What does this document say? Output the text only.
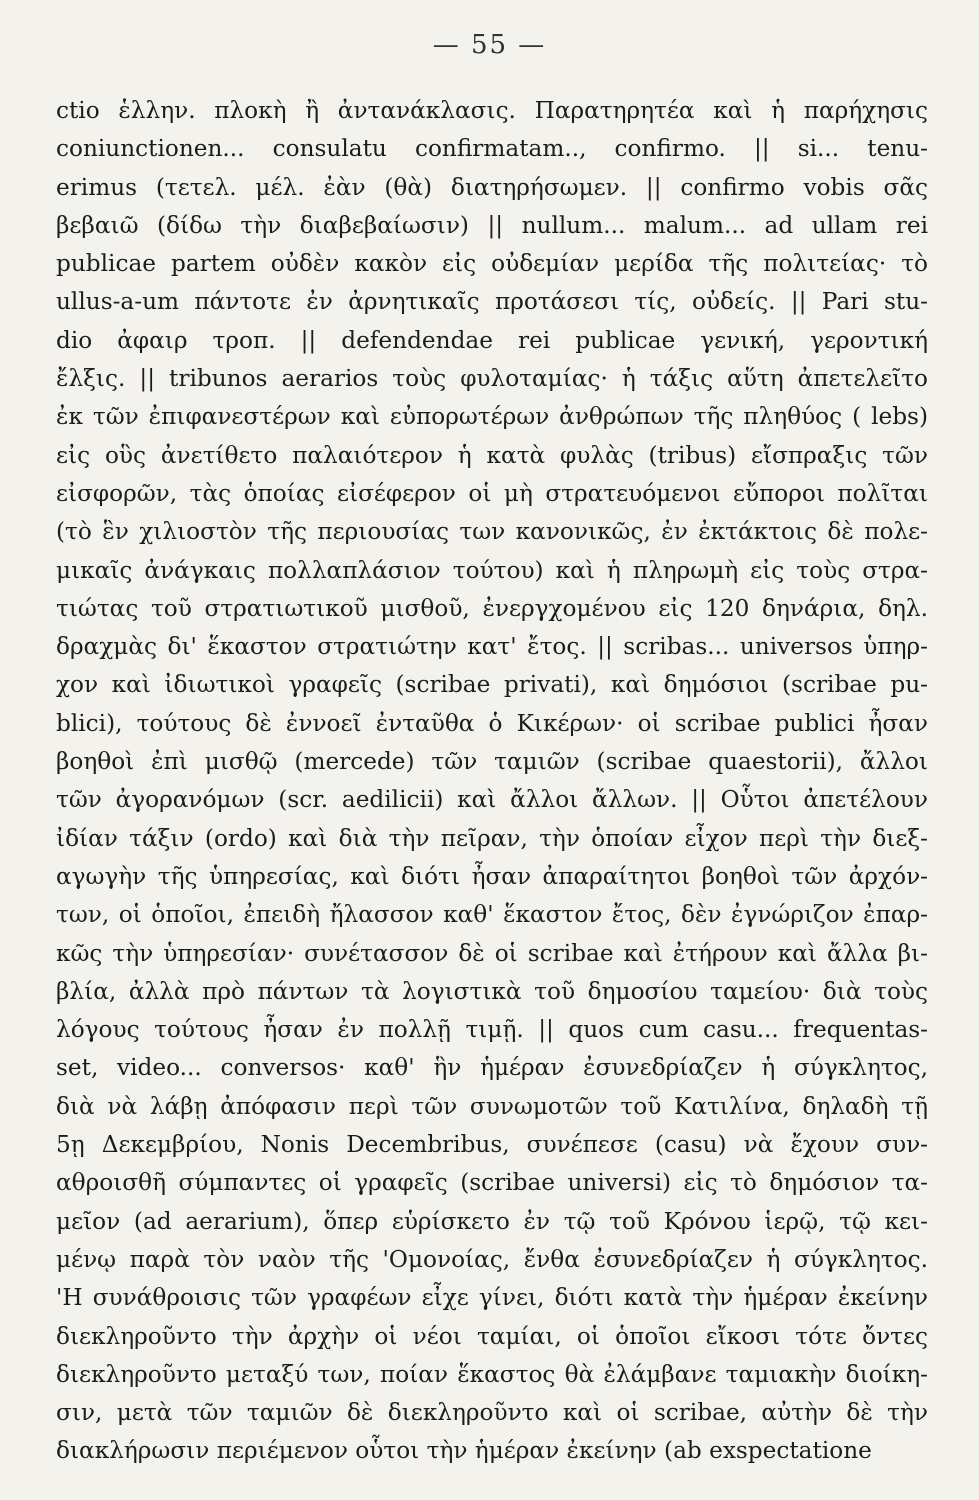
— 55 —
ctio ἑλλην. πλοκὴ ἢ ἀντανάκλασις. Παρατηρητέα καὶ ἡ παρήχησις
coniunctionen... consulatu confirmatam.., confirmo. || si... tenu-
erimus (τετελ. μέλ. ἐὰν (θὰ) διατηρήσωμεν. || confirmo vobis σᾶς
βεβαιῶ (δίδω τὴν διαβεβαίωσιν) || nullum... malum... ad ullam rei
publicae partem οὐδὲν κακὸν εἰς οὐδεμίαν μερίδα τῆς πολιτείας· τὸ
ullus-a-um πάντοτε ἐν ἀρνητικαῖς προτάσεσι τίς, οὐδείς. || Pari stu-
dio ἀφαιρ τροπ. || defendendae rei publicae γενική, γεροντική
ἔλξις. || tribunos aerarios τοὺς φυλοταμίας· ἡ τάξις αὕτη ἀπετελεῖτο
ἐκ τῶν ἐπιφανεστέρων καὶ εὐπορωτέρων ἀνθρώπων τῆς πληθύος ( lebs)
εἰς οὓς ἀνετίθετο παλαιότερον ἡ κατὰ φυλὰς (tribus) εἴσπραξις τῶν
εἰσφορῶν, τὰς ὁποίας εἰσέφερον οἱ μὴ στρατευόμενοι εὔποροι πολῖται
(τὸ ἓν χιλιοστὸν τῆς περιουσίας των κανονικῶς, ἐν ἐκτάκτοις δὲ πολε-
μικαῖς ἀνάγκαις πολλαπλάσιον τούτου) καὶ ἡ πληρωμὴ εἰς τοὺς στρα-
τιώτας τοῦ στρατιωτικοῦ μισθοῦ, ἐνεργχομένου εἰς 120 δηνάρια, δηλ.
δραχμὰς δι' ἕκαστον στρατιώτην κατ' ἔτος. || scribas... universos ὑπηρ-
χον καὶ ἰδιωτικοὶ γραφεῖς (scribae privati), καὶ δημόσιοι (scribae pu-
blici), τούτους δὲ ἐννοεῖ ἐνταῦθα ὁ Κικέρων· οἱ scribae publici ἦσαν
βοηθοὶ ἐπὶ μισθῷ (mercede) τῶν ταμιῶν (scribae quaestorii), ἄλλοι
τῶν ἀγορανόμων (scr. aedilicii) καὶ ἄλλοι ἄλλων. || Οὗτοι ἀπετέλουν
ἰδίαν τάξιν (ordo) καὶ διὰ τὴν πεῖραν, τὴν ὁποίαν εἶχον περὶ τὴν διεξ-
αγωγὴν τῆς ὑπηρεσίας, καὶ διότι ἦσαν ἀπαραίτητοι βοηθοὶ τῶν ἀρχόν-
των, οἱ ὁποῖοι, ἐπειδὴ ἤλασσον καθ' ἕκαστον ἔτος, δὲν ἐγνώριζον ἐπαρ-
κῶς τὴν ὑπηρεσίαν· συνέτασσον δὲ οἱ scribae καὶ ἐτήρουν καὶ ἄλλα βι-
βλία, ἀλλὰ πρὸ πάντων τὰ λογιστικὰ τοῦ δημοσίου ταμείου· διὰ τοὺς
λόγους τούτους ἦσαν ἐν πολλῇ τιμῇ. || quos cum casu... frequentas-
set, video... conversos· καθ' ἣν ἡμέραν ἐσυνεδρίαζεν ἡ σύγκλητος,
διὰ νὰ λάβῃ ἀπόφασιν περὶ τῶν συνωμοτῶν τοῦ Κατιλίνα, δηλαδὴ τῇ
5ῃ Δεκεμβρίου, Nonis Decembribus, συνέπεσε (casu) νὰ ἔχουν συν-
αθροισθῆ σύμπαντες οἱ γραφεῖς (scribae universi) εἰς τὸ δημόσιον τα-
μεῖον (ad aerarium), ὅπερ εὑρίσκετο ἐν τῷ τοῦ Κρόνου ἱερῷ, τῷ κει-
μένῳ παρὰ τὸν ναὸν τῆς 'Ομονοίας, ἔνθα ἐσυνεδρίαζεν ἡ σύγκλητος.
'Η συνάθροισις τῶν γραφέων εἶχε γίνει, διότι κατὰ τὴν ἡμέραν ἐκείνην
διεκληροῦντο τὴν ἀρχὴν οἱ νέοι ταμίαι, οἱ ὁποῖοι εἴκοσι τότε ὄντες
διεκληροῦντο μεταξύ των, ποίαν ἕκαστος θὰ ἐλάμβανε ταμιακὴν διοίκη-
σιν, μετὰ τῶν ταμιῶν δὲ διεκληροῦντο καὶ οἱ scribae, αὐτὴν δὲ τὴν
διακλήρωσιν περιέμενον οὗτοι τὴν ἡμέραν ἐκείνην (ab exspectatione
